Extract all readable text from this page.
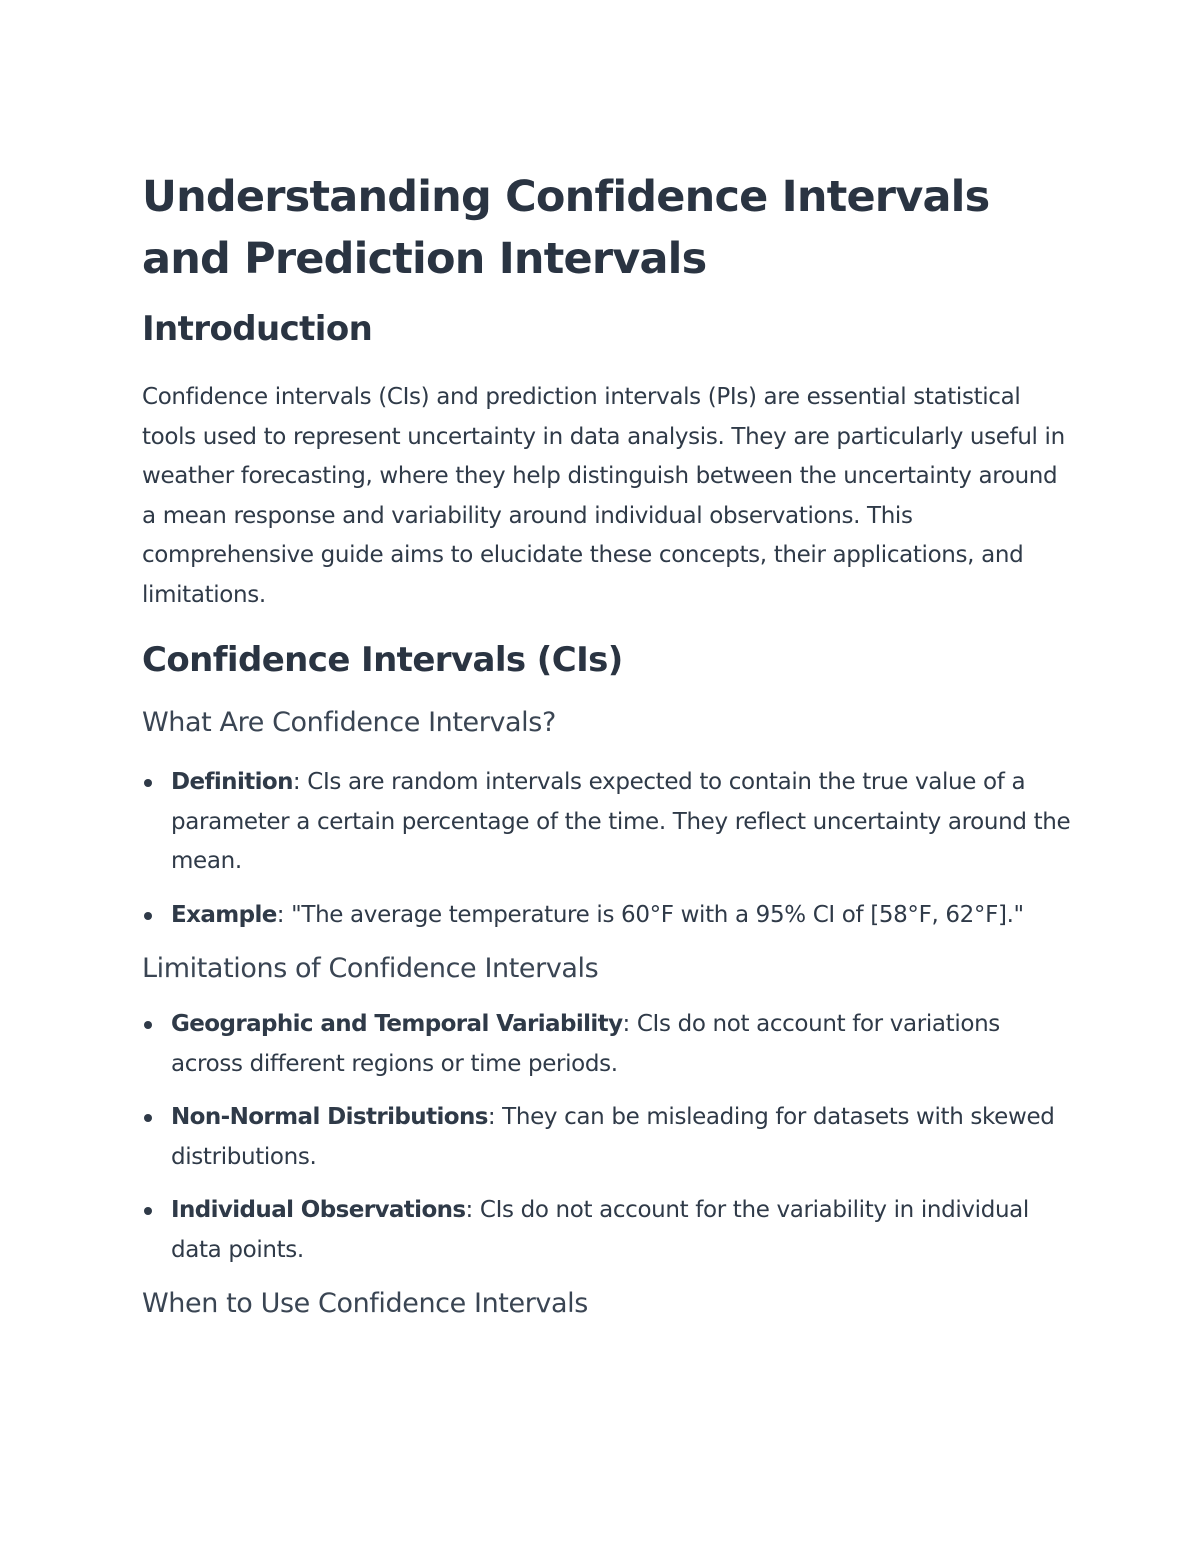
Understanding Confidence Intervals and Prediction Intervals
Introduction

Confidence intervals (CIs) and prediction intervals (PIs) are essential statistical tools used to represent uncertainty in data analysis. They are particularly useful in weather forecasting, where they help distinguish between the uncertainty around a mean response and variability around individual observations. This comprehensive guide aims to elucidate these concepts, their applications, and limitations.

Confidence Intervals (CIs)
What Are Confidence Intervals?
Definition: CIs are random intervals expected to contain the true value of a parameter a certain percentage of the time. They reflect uncertainty around the mean.
Example: "The average temperature is 60°F with a 95% CI of [58°F, 62°F]."
Limitations of Confidence Intervals
Geographic and Temporal Variability: CIs do not account for variations across different regions or time periods.
Non-Normal Distributions: They can be misleading for datasets with skewed distributions.
Individual Observations: CIs do not account for the variability in individual data points.
When to Use Confidence Intervals
